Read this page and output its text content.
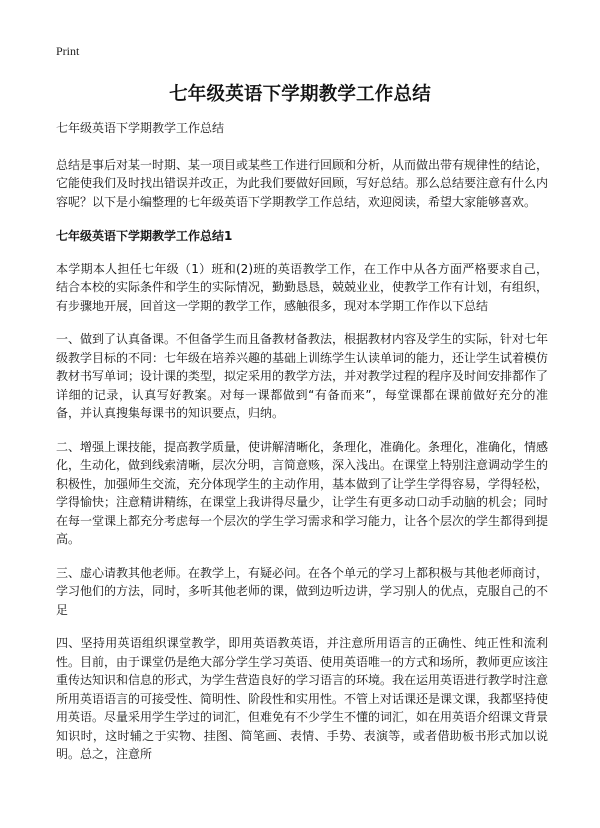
Print
七年级英语下学期教学工作总结

七年级英语下学期教学工作总结

总结是事后对某一时期、某一项目或某些工作进行回顾和分析，从而做出带有规律性的结论，它能使我们及时找出错误并改正，为此我们要做好回顾，写好总结。那么总结要注意有什么内容呢？以下是小编整理的七年级英语下学期教学工作总结，欢迎阅读，希望大家能够喜欢。

七年级英语下学期教学工作总结1

本学期本人担任七年级（1）班和(2)班的英语教学工作，在工作中从各方面严格要求自己，结合本校的实际条件和学生的实际情况，勤勤恳恳，兢兢业业，使教学工作有计划，有组织，有步骤地开展，回首这一学期的教学工作，感触很多，现对本学期工作作以下总结

一、做到了认真备课。不但备学生而且备教材备教法，根据教材内容及学生的实际，针对七年级教学目标的不同：七年级在培养兴趣的基础上训练学生认读单词的能力，还让学生试着模仿教材书写单词；设计课的类型，拟定采用的教学方法，并对教学过程的程序及时间安排都作了详细的记录，认真写好教案。对每一课都做到“有备而来”，每堂课都在课前做好充分的准备，并认真搜集每课书的知识要点，归纳。

二、增强上课技能，提高教学质量，使讲解清晰化，条理化，准确化。条理化，准确化，情感化，生动化，做到线索清晰，层次分明，言简意赅，深入浅出。在课堂上特别注意调动学生的积极性，加强师生交流，充分体现学生的主动作用，基本做到了让学生学得容易，学得轻松，学得愉快；注意精讲精练，在课堂上我讲得尽量少，让学生有更多动口动手动脑的机会；同时在每一堂课上都充分考虑每一个层次的学生学习需求和学习能力，让各个层次的学生都得到提高。

三、虚心请教其他老师。在教学上，有疑必问。在各个单元的学习上都积极与其他老师商讨，学习他们的方法，同时，多听其他老师的课，做到边听边讲，学习别人的优点，克服自己的不足

四、坚持用英语组织课堂教学，即用英语教英语，并注意所用语言的正确性、纯正性和流利性。目前，由于课堂仍是绝大部分学生学习英语、使用英语唯一的方式和场所，教师更应该注重传达知识和信息的形式，为学生营造良好的学习语言的环境。我在运用英语进行教学时注意所用英语语言的可接受性、简明性、阶段性和实用性。不管上对话课还是课文课，我都坚持使用英语。尽量采用学生学过的词汇，但难免有不少学生不懂的词汇，如在用英语介绍课文背景知识时，这时辅之于实物、挂图、简笔画、表情、手势、表演等，或者借助板书形式加以说明。总之，注意所
